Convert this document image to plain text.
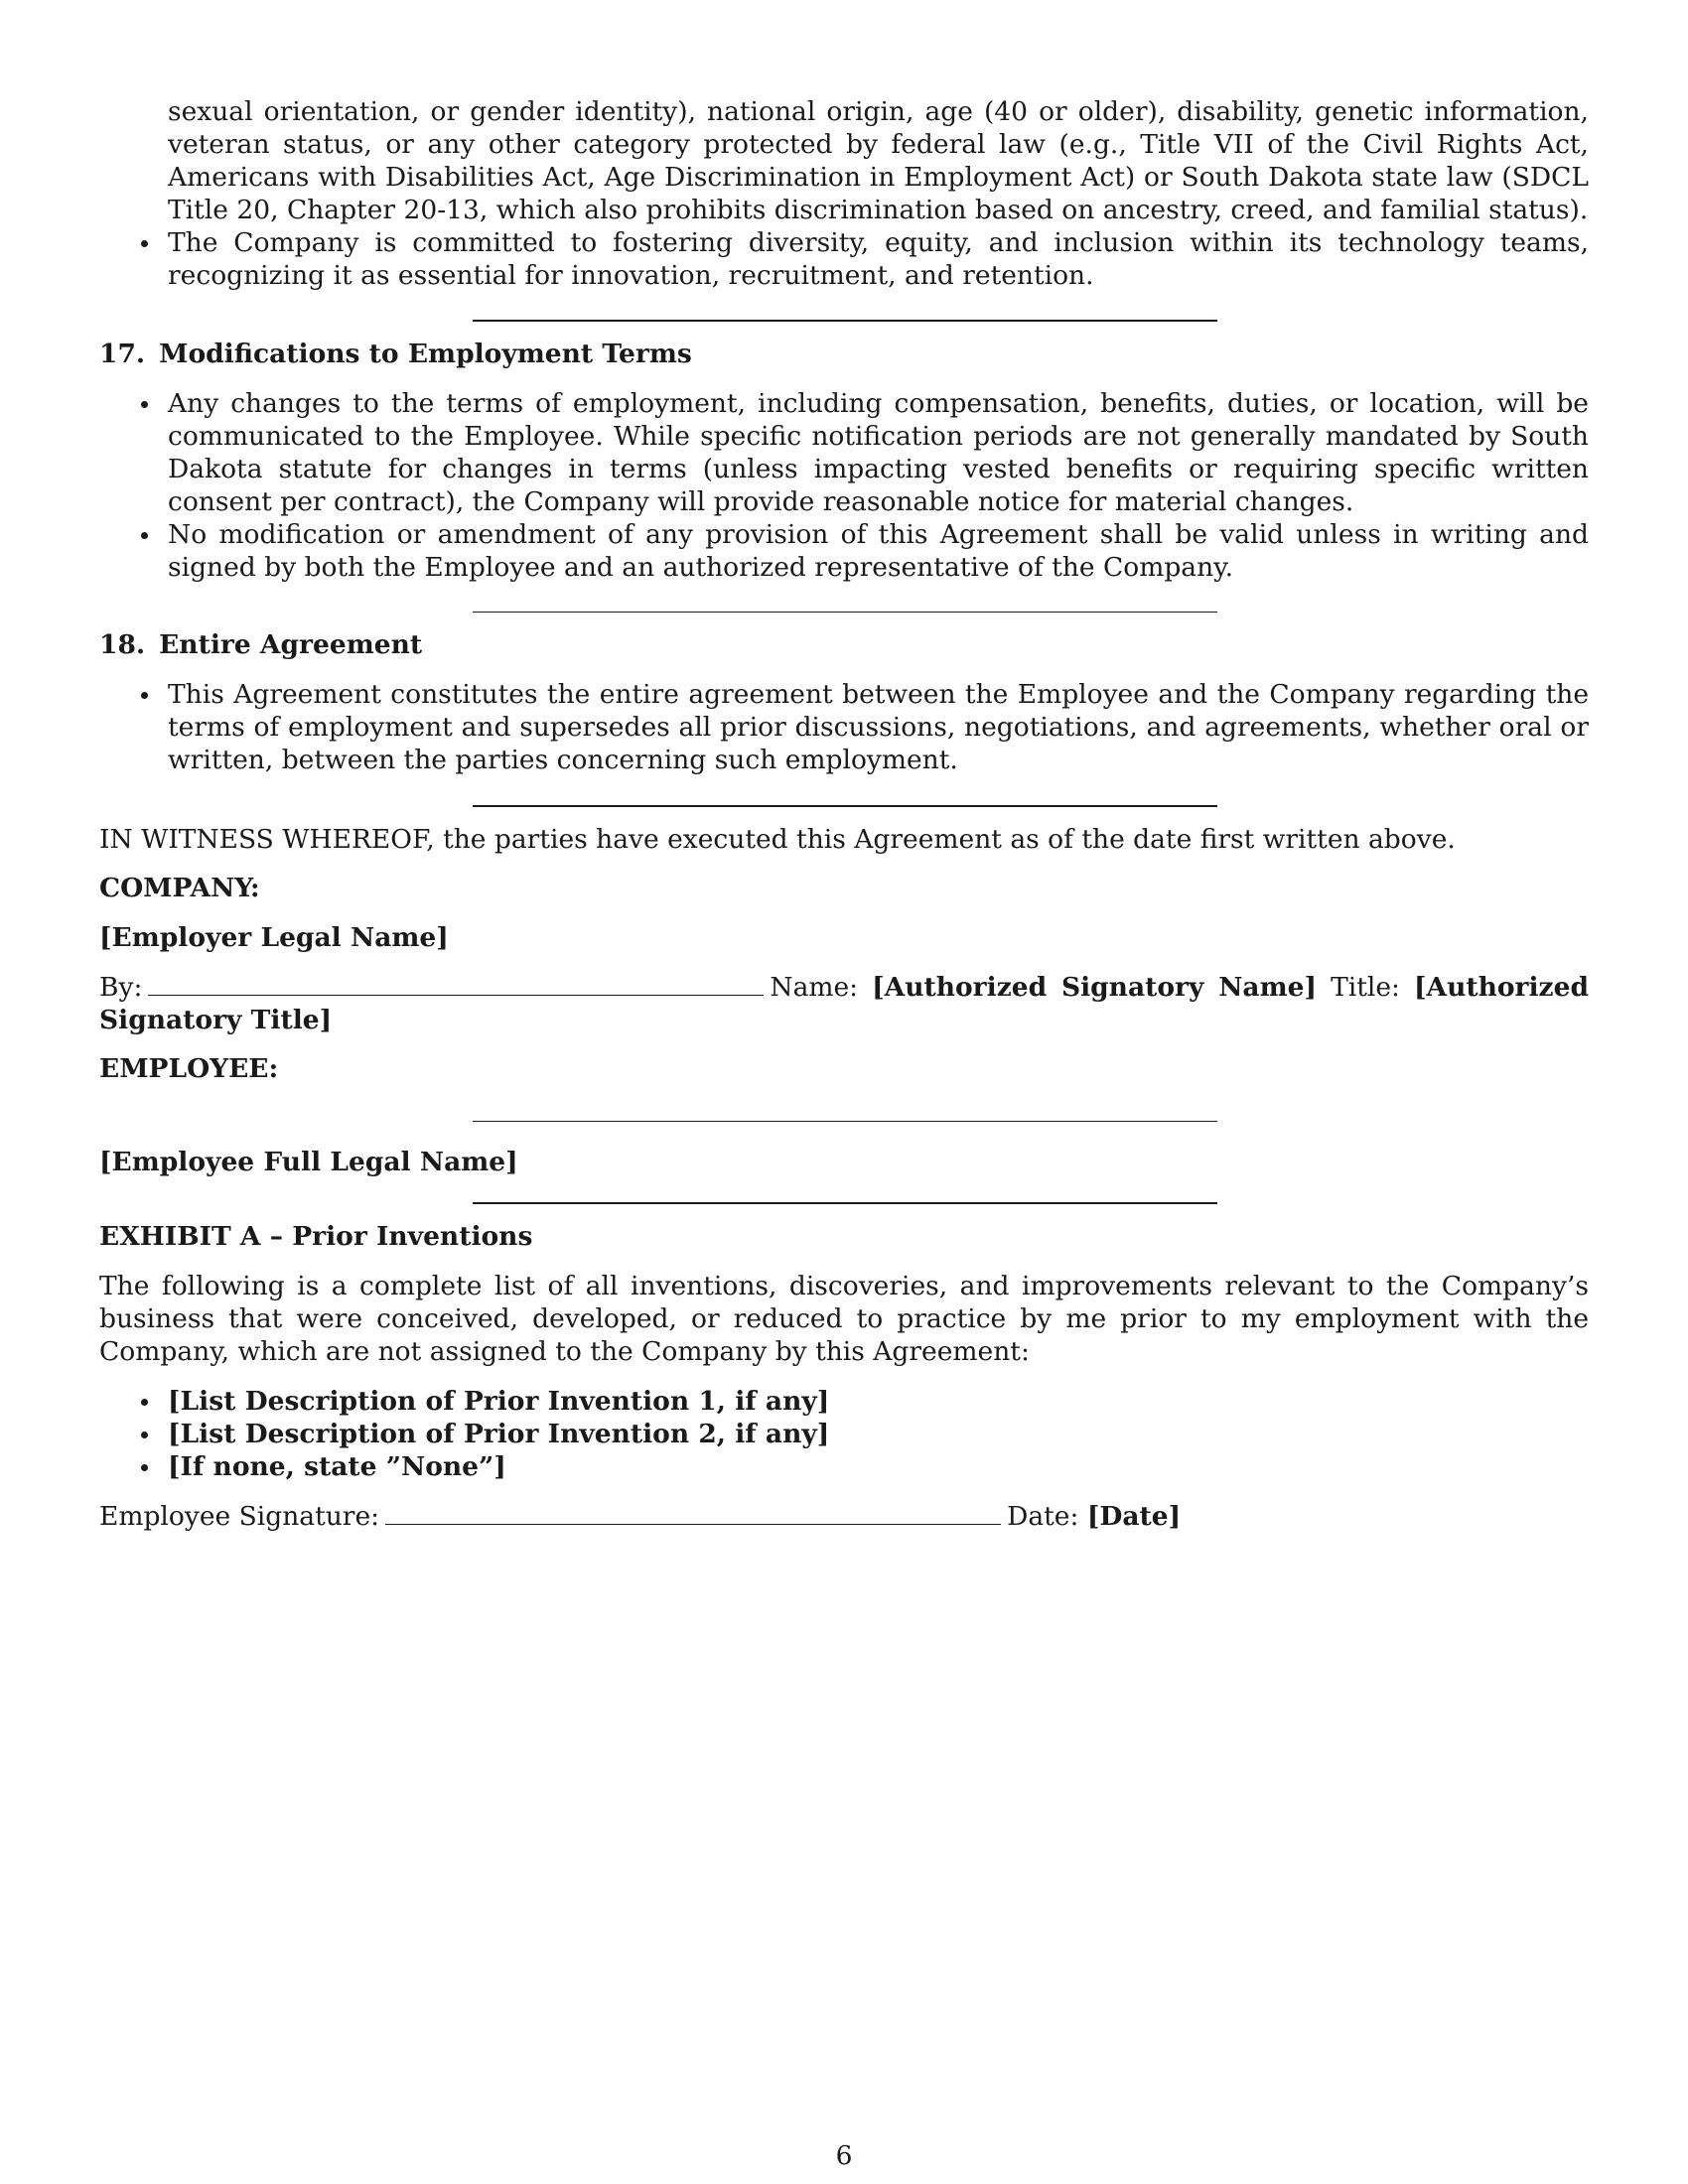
sexual orientation, or gender identity), national origin, age (40 or older), disability, genetic information, veteran status, or any other category protected by federal law (e.g., Title VII of the Civil Rights Act, Americans with Disabilities Act, Age Discrimination in Employment Act) or South Dakota state law (SDCL Title 20, Chapter 20-13, which also prohibits discrimination based on ancestry, creed, and familial status).
The Company is committed to fostering diversity, equity, and inclusion within its technology teams, recognizing it as essential for innovation, recruitment, and retention.

17. Modifications to Employment Terms

Any changes to the terms of employment, including compensation, benefits, duties, or location, will be communicated to the Employee. While specific notification periods are not generally mandated by South Dakota statute for changes in terms (unless impacting vested benefits or requiring specific written consent per contract), the Company will provide reasonable notice for material changes.
No modification or amendment of any provision of this Agreement shall be valid unless in writing and signed by both the Employee and an authorized representative of the Company.

18. Entire Agreement

This Agreement constitutes the entire agreement between the Employee and the Company regarding the terms of employment and supersedes all prior discussions, negotiations, and agreements, whether oral or written, between the parties concerning such employment.

IN WITNESS WHEREOF, the parties have executed this Agreement as of the date first written above.

COMPANY:

[Employer Legal Name]

By:	Name: [Authorized Signatory Name] Title: [Authorized Signatory Title]

EMPLOYEE:

[Employee Full Legal Name]

EXHIBIT A – Prior Inventions

The following is a complete list of all inventions, discoveries, and improvements relevant to the Company’s business that were conceived, developed, or reduced to practice by me prior to my employment with the Company, which are not assigned to the Company by this Agreement:

[List Description of Prior Invention 1, if any]
[List Description of Prior Invention 2, if any]
[If none, state ”None”]

Employee Signature:	Date: [Date]

6
